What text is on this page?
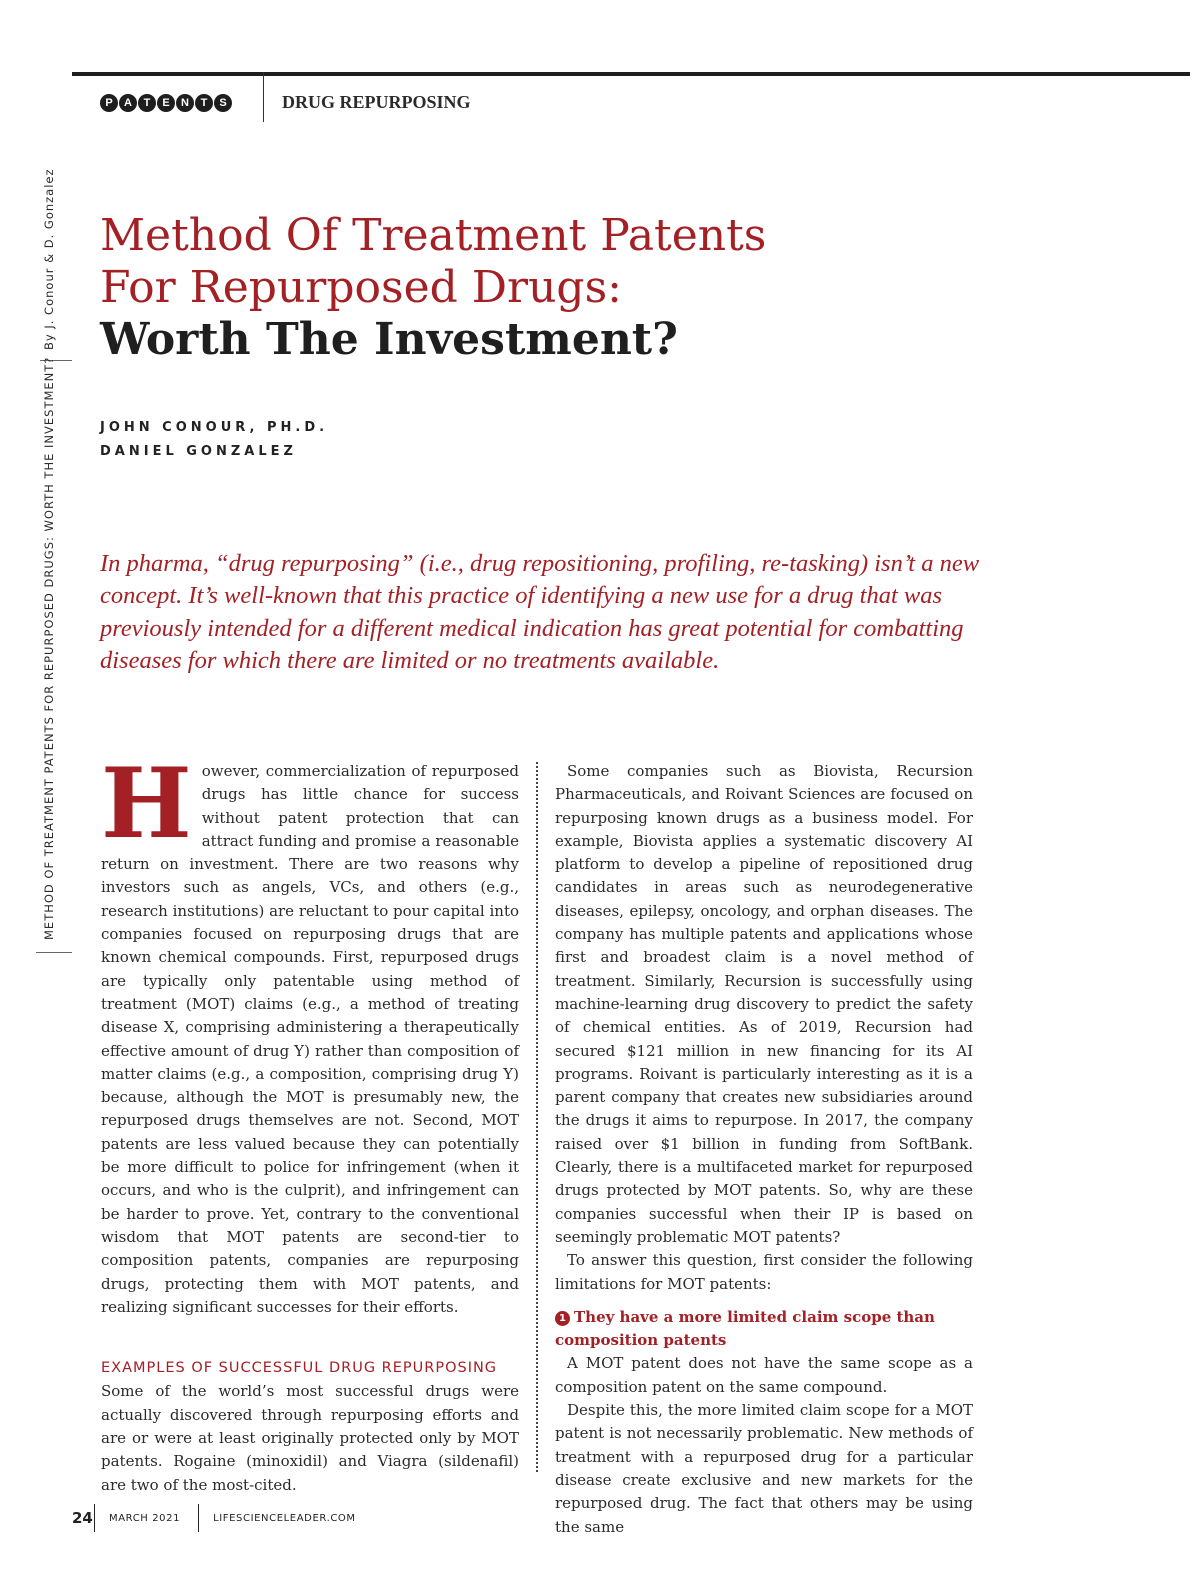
P	A	T	E	N	T	S	DRUG REPURPOSING
By J. Conour & D. Gonzalez
METHOD OF TREATMENT PATENTS FOR REPURPOSED DRUGS: WORTH THE INVESTMENT?
Method Of Treatment Patents
For Repurposed Drugs:
Worth The Investment?
JOHN CONOUR, PH.D.
DANIEL GONZALEZ
In pharma, “drug repurposing” (i.e., drug repositioning, profiling, re-tasking) isn’t a new concept. It’s well-known that this practice of identifying a new use for a drug that was previously intended for a different medical indication has great potential for combatting diseases for which there are limited or no treatments available.
H owever, commercialization of repurposed drugs has little chance for success without patent protection that can attract funding and promise a reasonable return on investment. There are two reasons why investors such as angels, VCs, and others (e.g., research institutions) are reluctant to pour capital into companies focused on repurposing drugs that are known chemical compounds. First, repurposed drugs are typically only patentable using method of treatment (MOT) claims (e.g., a method of treating disease X, comprising administering a therapeutically effective amount of drug Y) rather than composition of matter claims (e.g., a composition, comprising drug Y) because, although the MOT is presumably new, the repurposed drugs themselves are not. Second, MOT patents are less valued because they can potentially be more difficult to police for infringement (when it occurs, and who is the culprit), and infringement can be harder to prove. Yet, contrary to the conventional wisdom that MOT patents are second-tier to composition patents, companies are repurposing drugs, protecting them with MOT patents, and realizing significant successes for their efforts.

EXAMPLES OF SUCCESSFUL DRUG REPURPOSING

Some of the world’s most successful drugs were actually discovered through repurposing efforts and are or were at least originally protected only by MOT patents. Rogaine (minoxidil) and Viagra (sildenafil) are two of the most-cited.

Some companies such as Biovista, Recursion Pharmaceuticals, and Roivant Sciences are focused on repurposing known drugs as a business model. For example, Biovista applies a systematic discovery AI platform to develop a pipeline of repositioned drug candidates in areas such as neurodegenerative diseases, epilepsy, oncology, and orphan diseases. The company has multiple patents and applications whose first and broadest claim is a novel method of treatment. Similarly, Recursion is successfully using machine-learning drug discovery to predict the safety of chemical entities. As of 2019, Recursion had secured $121 million in new financing for its AI programs. Roivant is particularly interesting as it is a parent company that creates new subsidiaries around the drugs it aims to repurpose. In 2017, the company raised over $1 billion in funding from SoftBank. Clearly, there is a multifaceted market for repurposed drugs protected by MOT patents. So, why are these companies successful when their IP is based on seemingly problematic MOT patents?

To answer this question, first consider the following limitations for MOT patents:

1 They have a more limited claim scope than composition patents

A MOT patent does not have the same scope as a composition patent on the same compound.

Despite this, the more limited claim scope for a MOT patent is not necessarily problematic. New methods of treatment with a repurposed drug for a particular disease create exclusive and new markets for the repurposed drug. The fact that others may be using the same

24 MARCH 2021	LIFESCIENCELEADER.COM
